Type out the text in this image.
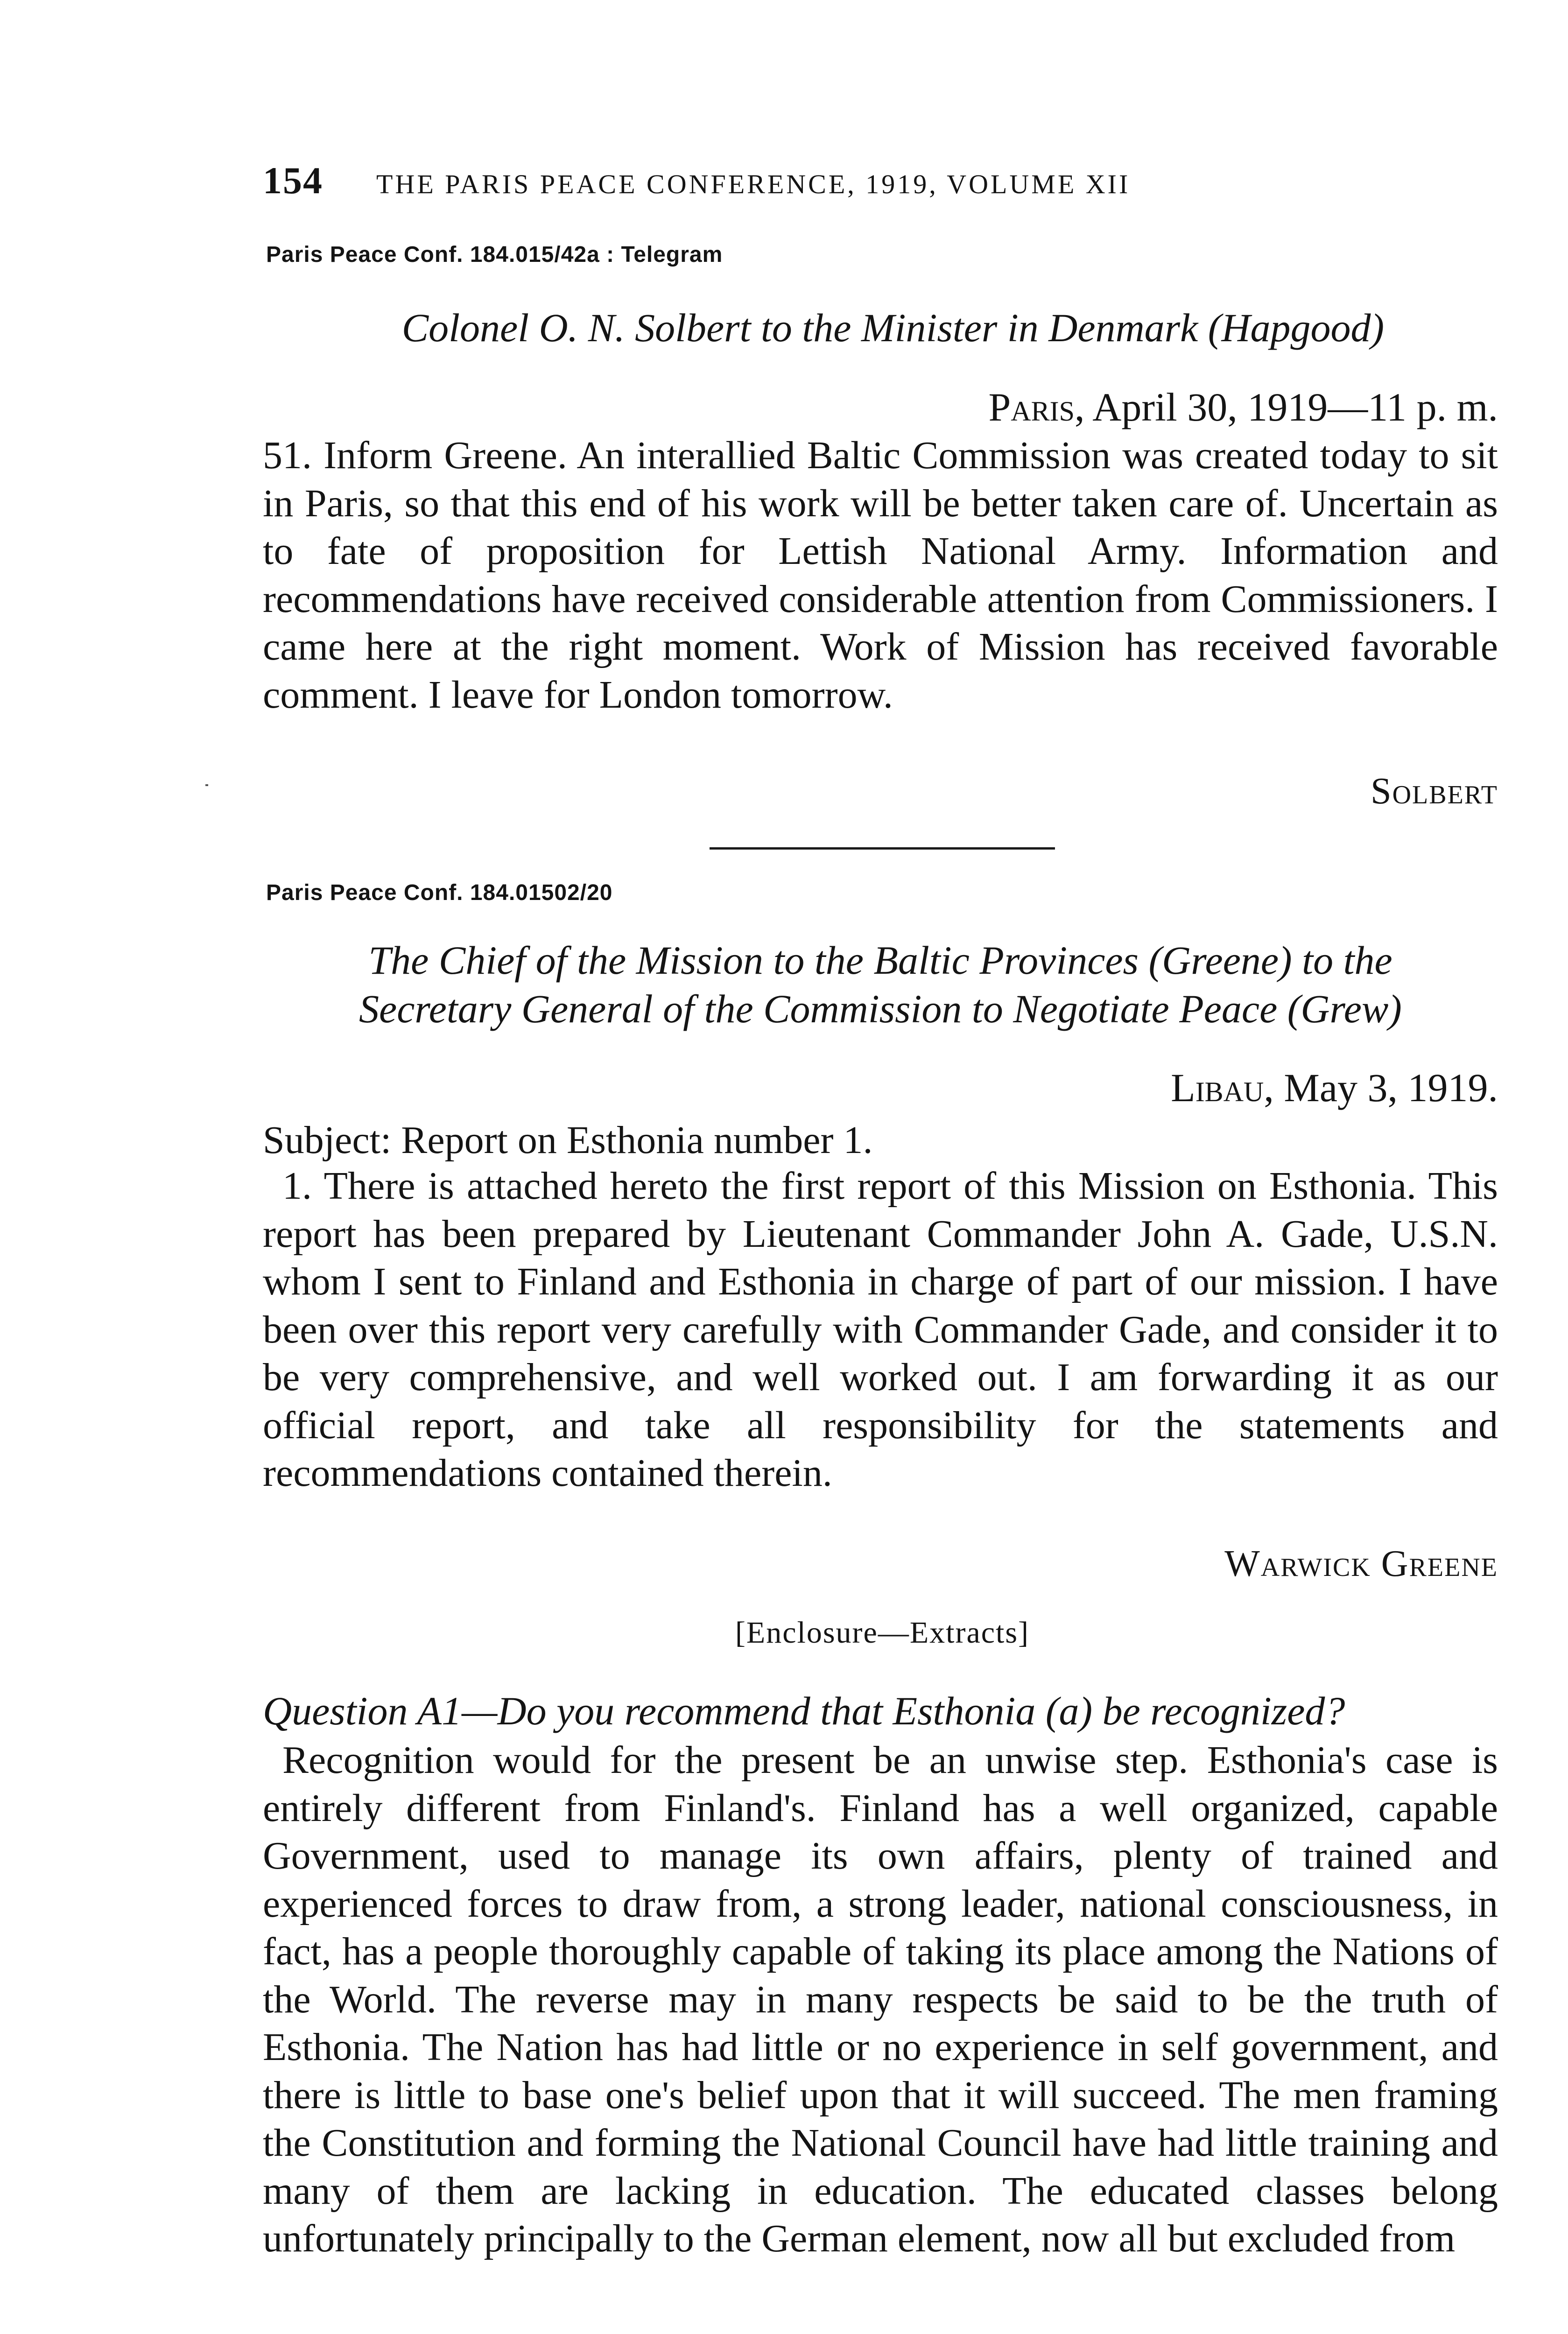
154 THE PARIS PEACE CONFERENCE, 1919, VOLUME XII
Paris Peace Conf. 184.015/42a : Telegram
Colonel O. N. Solbert to the Minister in Denmark (Hapgood)
Paris, April 30, 1919—11 p. m.

51. Inform Greene. An interallied Baltic Commission was created today to sit in Paris, so that this end of his work will be better taken care of. Uncertain as to fate of proposition for Lettish National Army. Information and recommendations have received considerable attention from Commissioners. I came here at the right moment. Work of Mission has received favorable comment. I leave for London tomorrow.

Solbert
Paris Peace Conf. 184.01502/20
The Chief of the Mission to the Baltic Provinces (Greene) to the
Secretary General of the Commission to Negotiate Peace (Grew)
Libau, May 3, 1919.
Subject: Report on Esthonia number 1.

1. There is attached hereto the first report of this Mission on Esthonia. This report has been prepared by Lieutenant Commander John A. Gade, U.S.N. whom I sent to Finland and Esthonia in charge of part of our mission. I have been over this report very carefully with Commander Gade, and consider it to be very comprehensive, and well worked out. I am forwarding it as our official report, and take all responsibility for the statements and recommendations contained therein.

Warwick Greene
[Enclosure—Extracts]
Question A1—Do you recommend that Esthonia (a) be recognized?

Recognition would for the present be an unwise step. Esthonia's case is entirely different from Finland's. Finland has a well organized, capable Government, used to manage its own affairs, plenty of trained and experienced forces to draw from, a strong leader, national consciousness, in fact, has a people thoroughly capable of taking its place among the Nations of the World. The reverse may in many respects be said to be the truth of Esthonia. The Nation has had little or no experience in self government, and there is little to base one's belief upon that it will succeed. The men framing the Constitution and forming the National Council have had little training and many of them are lacking in education. The educated classes belong unfortunately principally to the German element, now all but excluded from
